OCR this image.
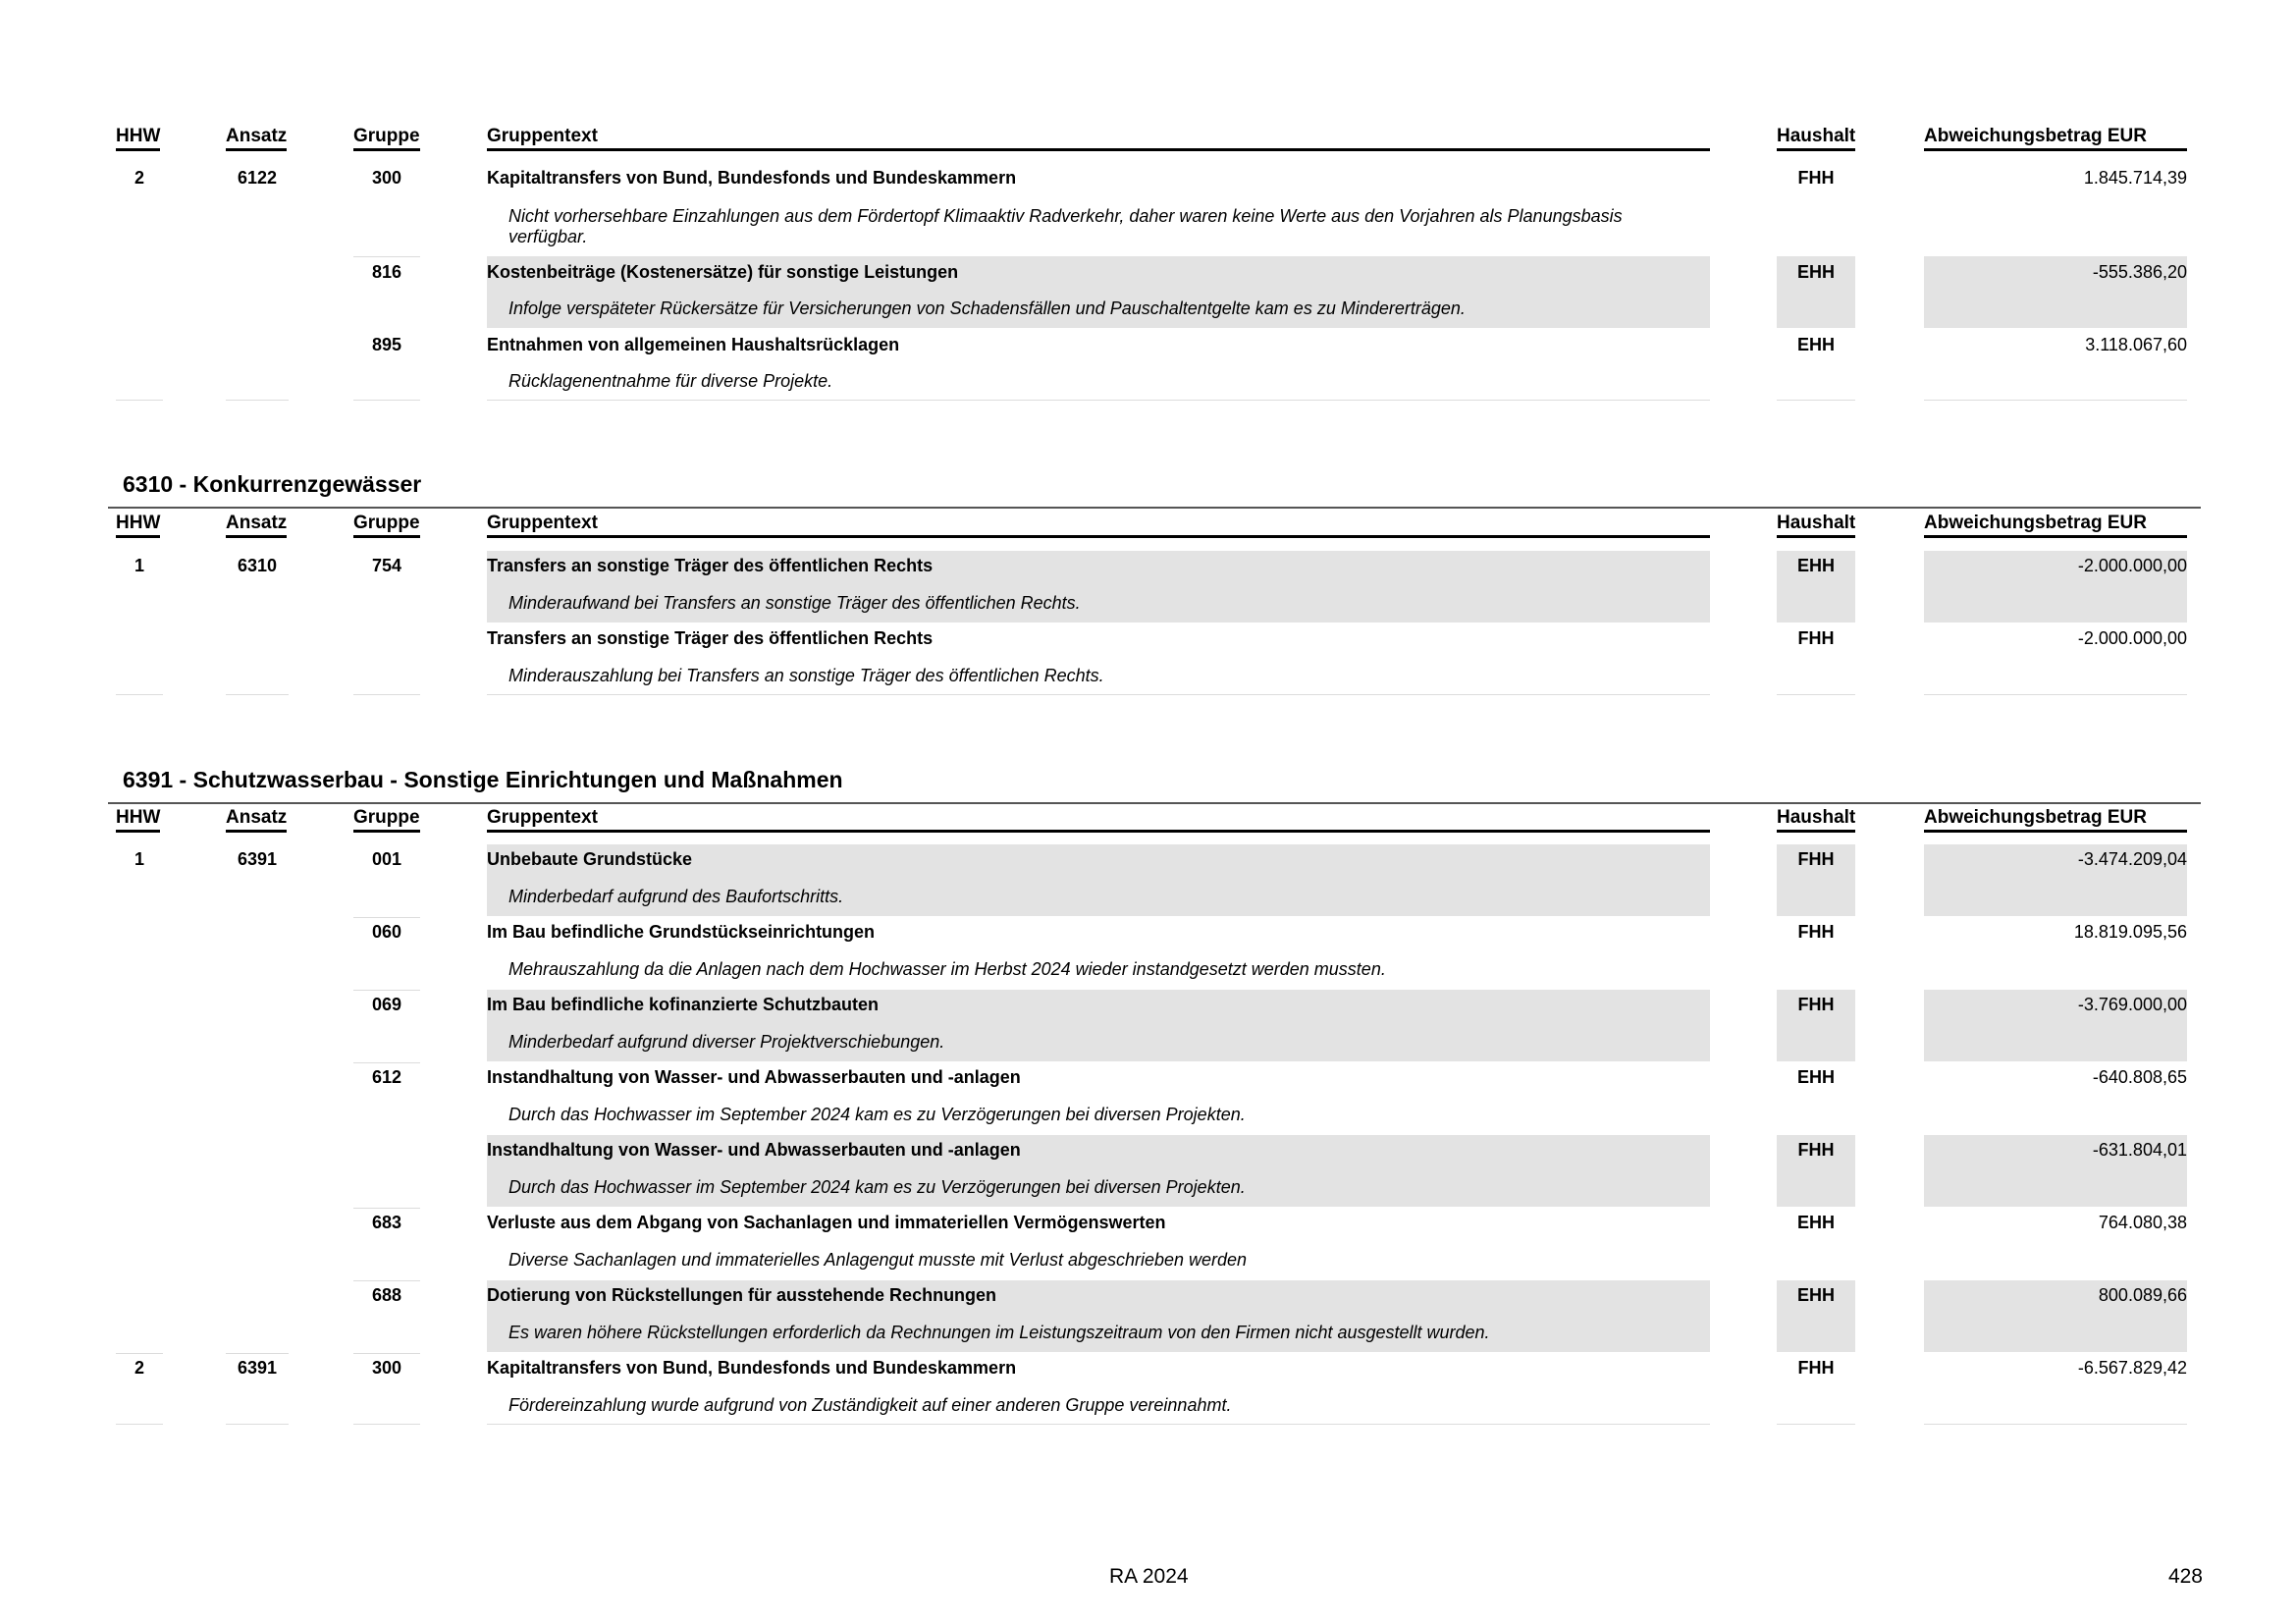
HHW	Ansatz	Gruppe	Gruppentext	Haushalt	Abweichungsbetrag EUR
2	6122	300	Kapitaltransfers von Bund, Bundesfonds und Bundeskammern
Nicht vorhersehbare Einzahlungen aus dem Fördertopf Klimaaktiv Radverkehr, daher waren keine Werte aus den Vorjahren als Planungsbasis verfügbar.
FHH	1.845.714,39
816	Kostenbeiträge (Kostenersätze) für sonstige Leistungen
Infolge verspäteter Rückersätze für Versicherungen von Schadensfällen und Pauschaltentgelte kam es zu Mindererträgen.
EHH	-555.386,20
895	Entnahmen von allgemeinen Haushaltsrücklagen
Rücklagenentnahme für diverse Projekte.
EHH	3.118.067,60
6310 - Konkurrenzgewässer
HHW	Ansatz	Gruppe	Gruppentext	Haushalt	Abweichungsbetrag EUR
1	6310	754	Transfers an sonstige Träger des öffentlichen Rechts
Minderaufwand bei Transfers an sonstige Träger des öffentlichen Rechts.
EHH	-2.000.000,00
Transfers an sonstige Träger des öffentlichen Rechts
Minderauszahlung bei Transfers an sonstige Träger des öffentlichen Rechts.
FHH	-2.000.000,00
6391 - Schutzwasserbau - Sonstige Einrichtungen und Maßnahmen
HHW	Ansatz	Gruppe	Gruppentext	Haushalt	Abweichungsbetrag EUR
1	6391	001	Unbebaute Grundstücke
Minderbedarf aufgrund des Baufortschritts.
FHH	-3.474.209,04
060	Im Bau befindliche Grundstückseinrichtungen
Mehrauszahlung da die Anlagen nach dem Hochwasser im Herbst 2024 wieder instandgesetzt werden mussten.
FHH	18.819.095,56
069	Im Bau befindliche kofinanzierte Schutzbauten
Minderbedarf aufgrund diverser Projektverschiebungen.
FHH	-3.769.000,00
612	Instandhaltung von Wasser- und Abwasserbauten und -anlagen
Durch das Hochwasser im September 2024 kam es zu Verzögerungen bei diversen Projekten.
EHH	-640.808,65
Instandhaltung von Wasser- und Abwasserbauten und -anlagen
Durch das Hochwasser im September 2024 kam es zu Verzögerungen bei diversen Projekten.
FHH	-631.804,01
683	Verluste aus dem Abgang von Sachanlagen und immateriellen Vermögenswerten
Diverse Sachanlagen und immaterielles Anlagengut musste mit Verlust abgeschrieben werden
EHH	764.080,38
688	Dotierung von Rückstellungen für ausstehende Rechnungen
Es waren höhere Rückstellungen erforderlich da Rechnungen im Leistungszeitraum von den Firmen nicht ausgestellt wurden.
EHH	800.089,66
2	6391	300	Kapitaltransfers von Bund, Bundesfonds und Bundeskammern
Fördereinzahlung wurde aufgrund von Zuständigkeit auf einer anderen Gruppe vereinnahmt.
FHH	-6.567.829,42
RA 2024	428
